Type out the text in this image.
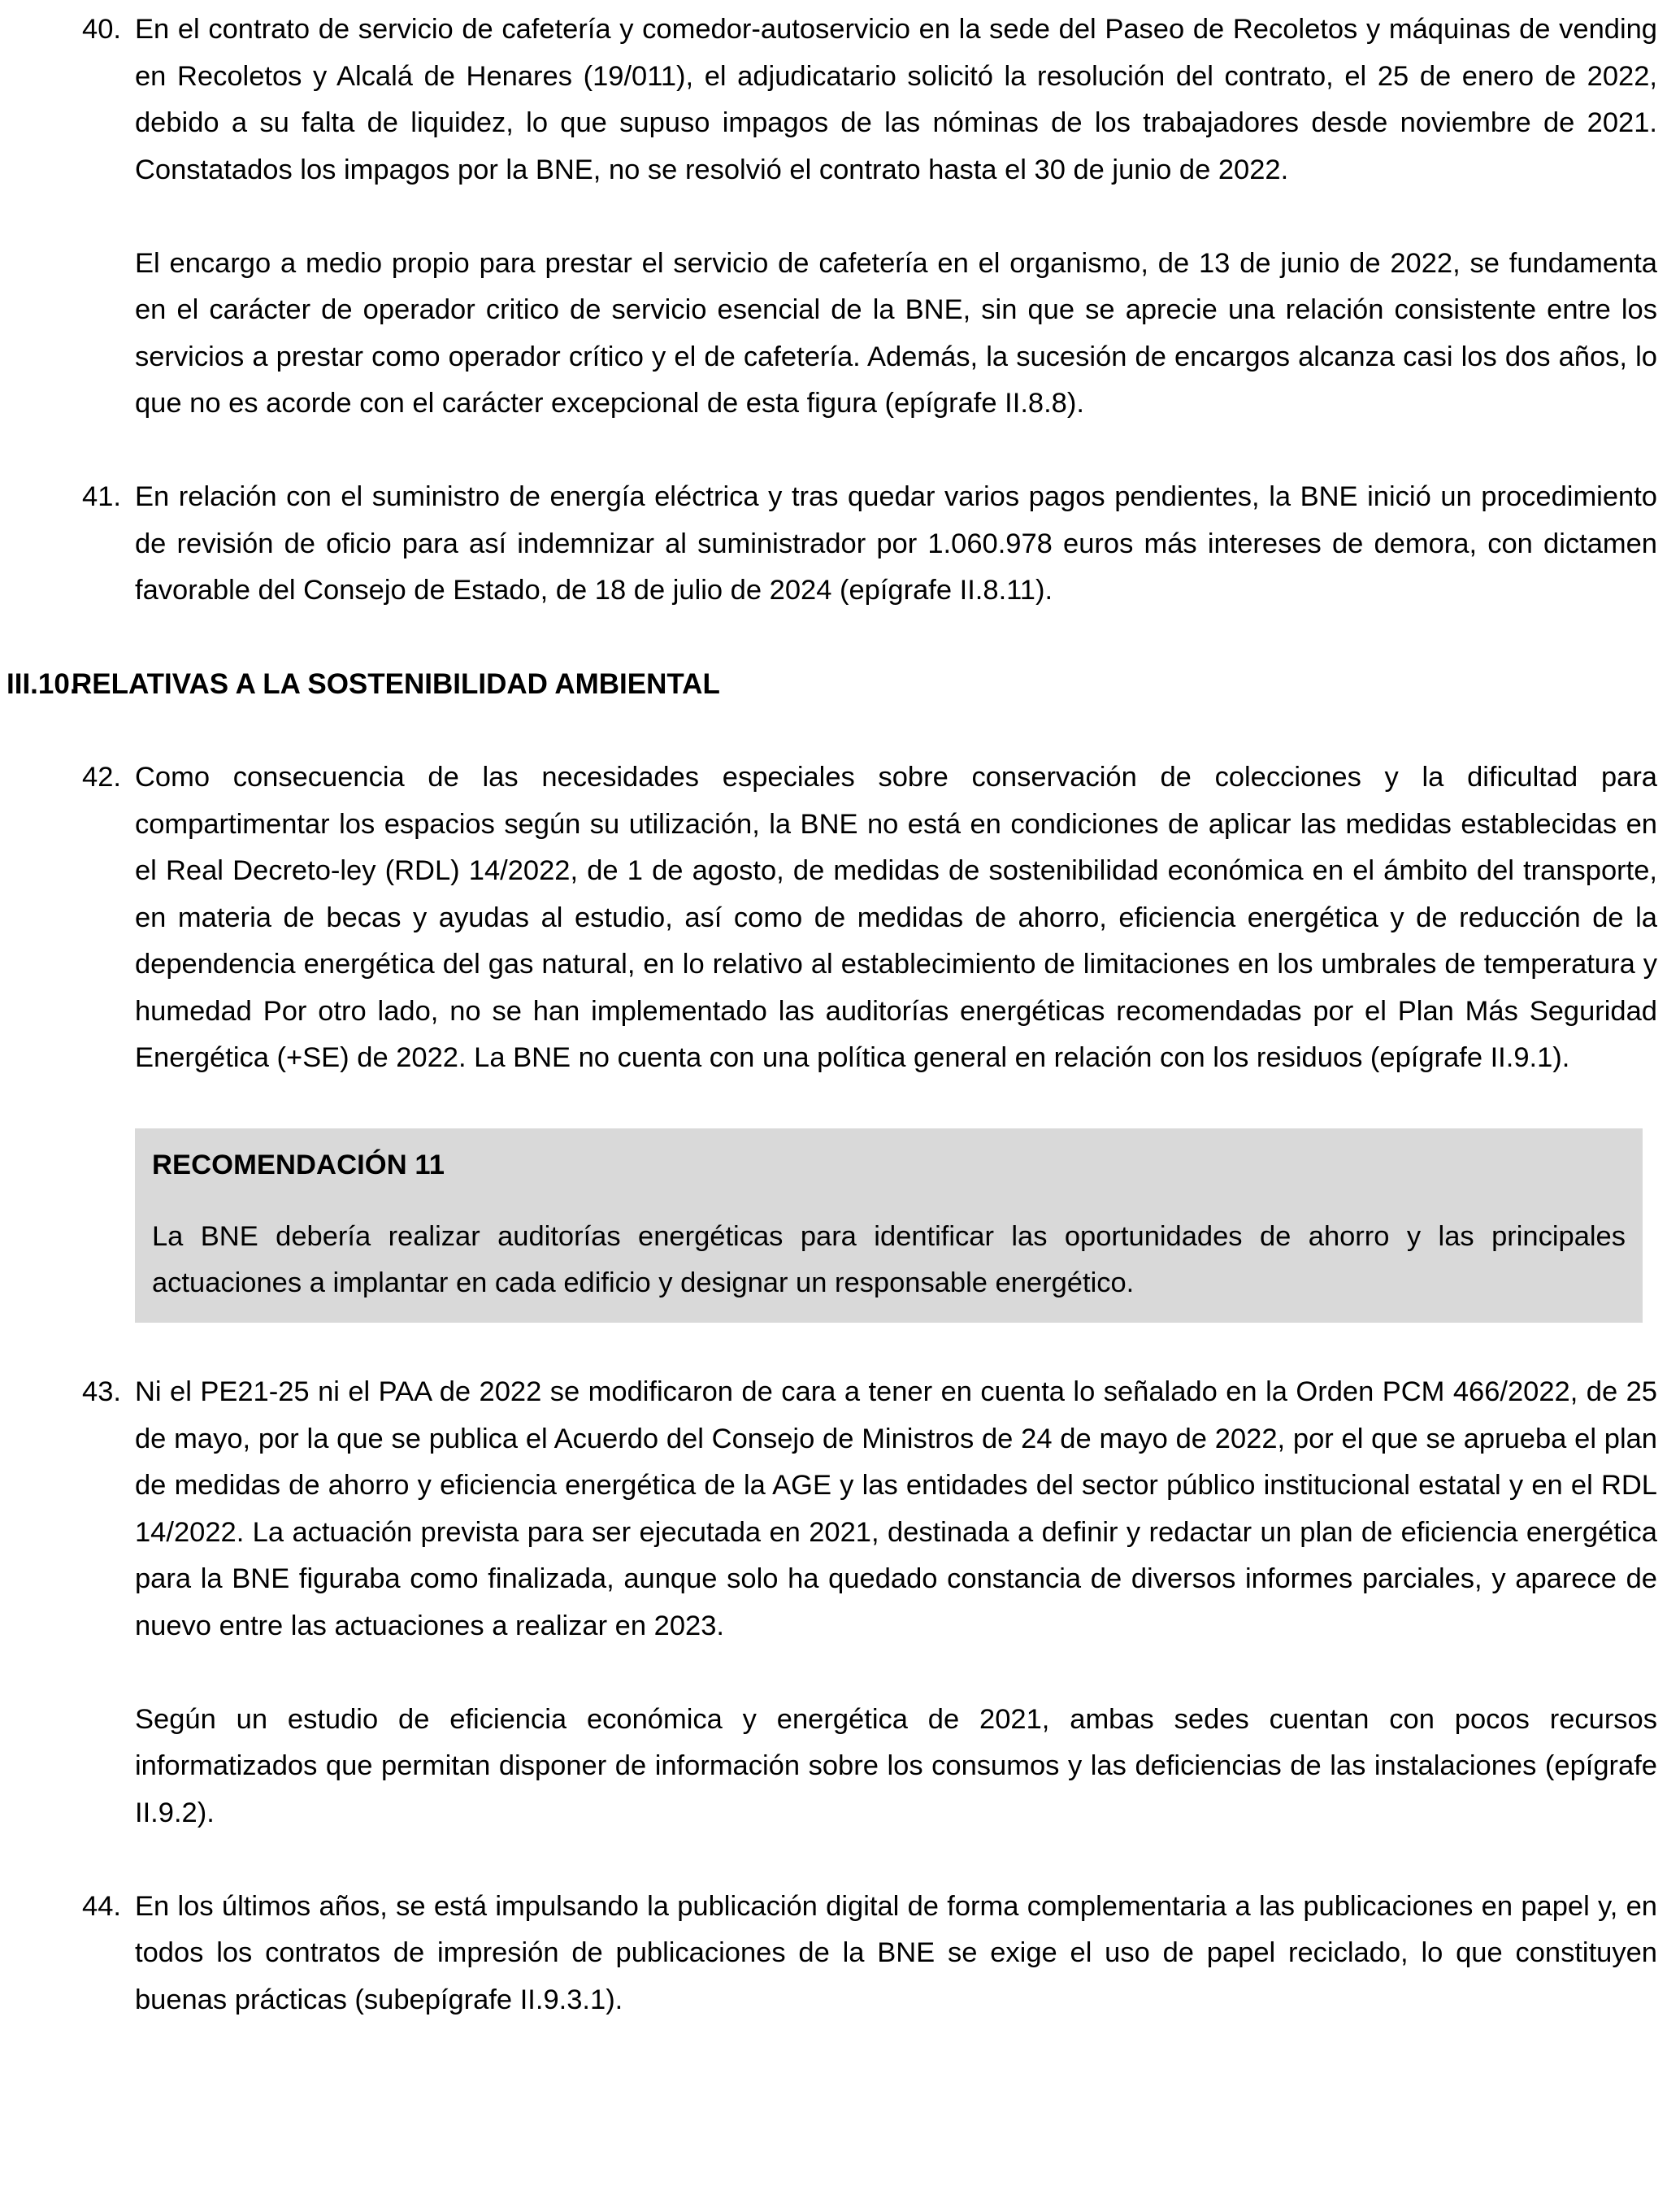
40. En el contrato de servicio de cafetería y comedor-autoservicio en la sede del Paseo de Recoletos y máquinas de vending en Recoletos y Alcalá de Henares (19/011), el adjudicatario solicitó la resolución del contrato, el 25 de enero de 2022, debido a su falta de liquidez, lo que supuso impagos de las nóminas de los trabajadores desde noviembre de 2021. Constatados los impagos por la BNE, no se resolvió el contrato hasta el 30 de junio de 2022.

El encargo a medio propio para prestar el servicio de cafetería en el organismo, de 13 de junio de 2022, se fundamenta en el carácter de operador critico de servicio esencial de la BNE, sin que se aprecie una relación consistente entre los servicios a prestar como operador crítico y el de cafetería. Además, la sucesión de encargos alcanza casi los dos años, lo que no es acorde con el carácter excepcional de esta figura (epígrafe II.8.8).

41. En relación con el suministro de energía eléctrica y tras quedar varios pagos pendientes, la BNE inició un procedimiento de revisión de oficio para así indemnizar al suministrador por 1.060.978 euros más intereses de demora, con dictamen favorable del Consejo de Estado, de 18 de julio de 2024 (epígrafe II.8.11).

III.10.
RELATIVAS A LA SOSTENIBILIDAD AMBIENTAL
42. Como consecuencia de las necesidades especiales sobre conservación de colecciones y la dificultad para compartimentar los espacios según su utilización, la BNE no está en condiciones de aplicar las medidas establecidas en el Real Decreto-ley (RDL) 14/2022, de 1 de agosto, de medidas de sostenibilidad económica en el ámbito del transporte, en materia de becas y ayudas al estudio, así como de medidas de ahorro, eficiencia energética y de reducción de la dependencia energética del gas natural, en lo relativo al establecimiento de limitaciones en los umbrales de temperatura y humedad Por otro lado, no se han implementado las auditorías energéticas recomendadas por el Plan Más Seguridad Energética (+SE) de 2022. La BNE no cuenta con una política general en relación con los residuos (epígrafe II.9.1).

RECOMENDACIÓN 11

La BNE debería realizar auditorías energéticas para identificar las oportunidades de ahorro y las principales actuaciones a implantar en cada edificio y designar un responsable energético.

43. Ni el PE21-25 ni el PAA de 2022 se modificaron de cara a tener en cuenta lo señalado en la Orden PCM 466/2022, de 25 de mayo, por la que se publica el Acuerdo del Consejo de Ministros de 24 de mayo de 2022, por el que se aprueba el plan de medidas de ahorro y eficiencia energética de la AGE y las entidades del sector público institucional estatal y en el RDL 14/2022. La actuación prevista para ser ejecutada en 2021, destinada a definir y redactar un plan de eficiencia energética para la BNE figuraba como finalizada, aunque solo ha quedado constancia de diversos informes parciales, y aparece de nuevo entre las actuaciones a realizar en 2023.

Según un estudio de eficiencia económica y energética de 2021, ambas sedes cuentan con pocos recursos informatizados que permitan disponer de información sobre los consumos y las deficiencias de las instalaciones (epígrafe II.9.2).

44. En los últimos años, se está impulsando la publicación digital de forma complementaria a las publicaciones en papel y, en todos los contratos de impresión de publicaciones de la BNE se exige el uso de papel reciclado, lo que constituyen buenas prácticas (subepígrafe II.9.3.1).
